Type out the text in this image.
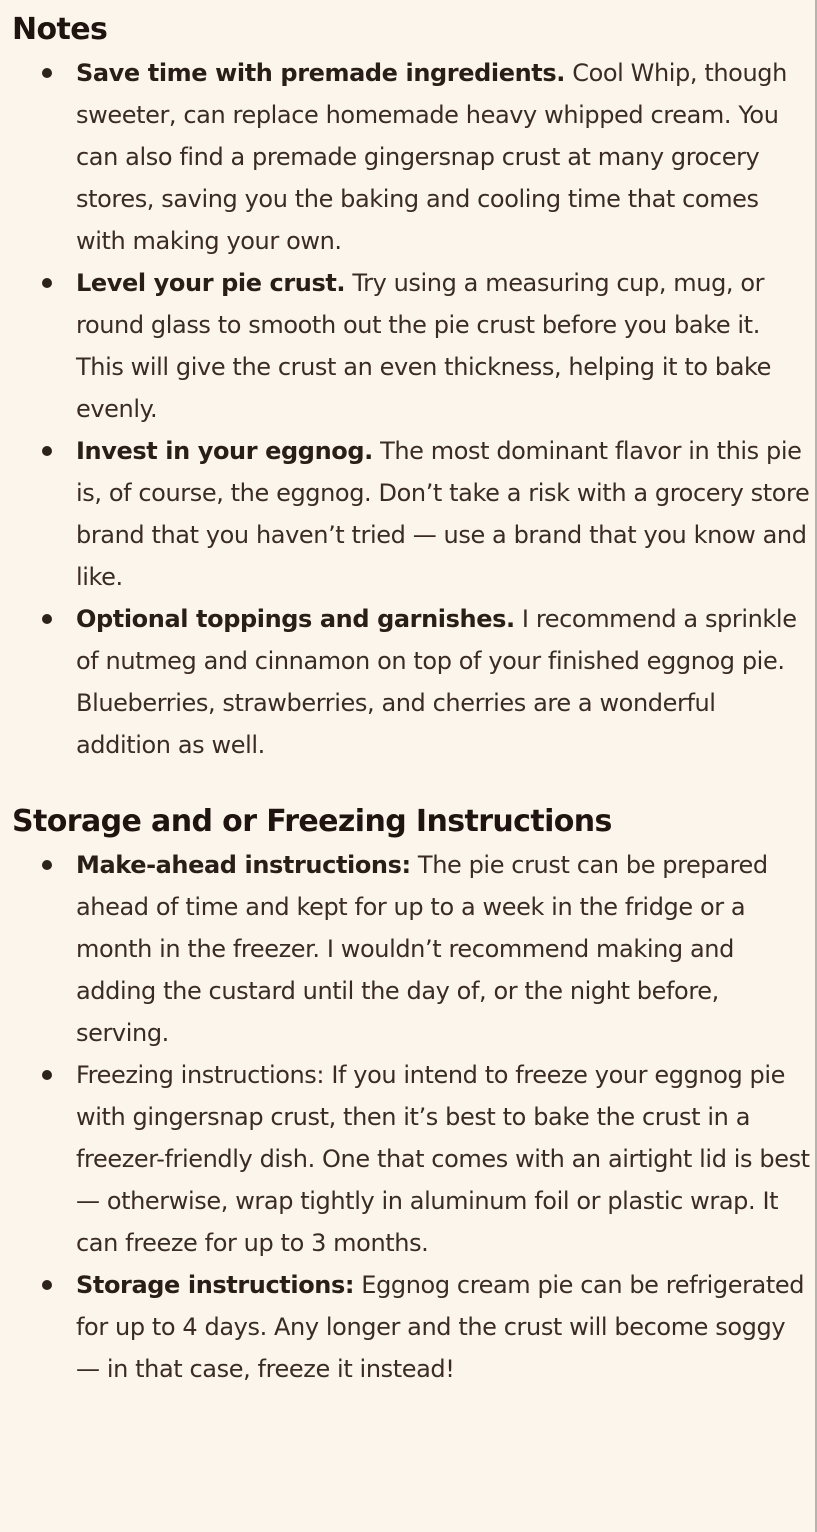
Notes
Save time with premade ingredients. Cool Whip, though sweeter, can replace homemade heavy whipped cream. You can also find a premade gingersnap crust at many grocery stores, saving you the baking and cooling time that comes with making your own.
Level your pie crust. Try using a measuring cup, mug, or round glass to smooth out the pie crust before you bake it. This will give the crust an even thickness, helping it to bake evenly.
Invest in your eggnog. The most dominant flavor in this pie is, of course, the eggnog. Don’t take a risk with a grocery store brand that you haven’t tried — use a brand that you know and like.
Optional toppings and garnishes. I recommend a sprinkle of nutmeg and cinnamon on top of your finished eggnog pie. Blueberries, strawberries, and cherries are a wonderful addition as well.
Storage and or Freezing Instructions
Make-ahead instructions: The pie crust can be prepared ahead of time and kept for up to a week in the fridge or a month in the freezer. I wouldn’t recommend making and adding the custard until the day of, or the night before, serving.
Freezing instructions: If you intend to freeze your eggnog pie with gingersnap crust, then it’s best to bake the crust in a freezer-friendly dish. One that comes with an airtight lid is best — otherwise, wrap tightly in aluminum foil or plastic wrap. It can freeze for up to 3 months.
Storage instructions: Eggnog cream pie can be refrigerated for up to 4 days. Any longer and the crust will become soggy — in that case, freeze it instead!
